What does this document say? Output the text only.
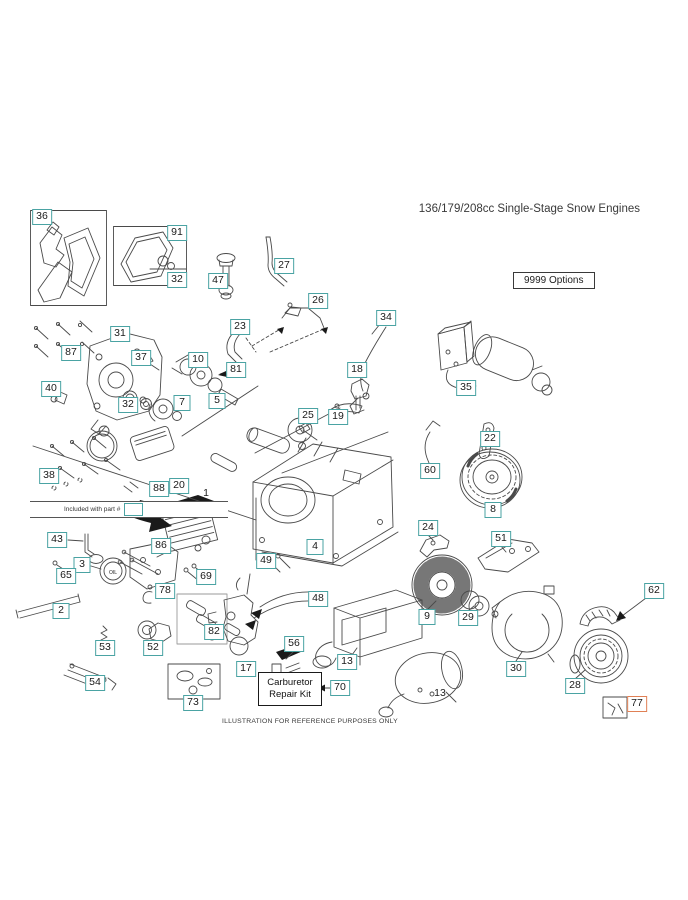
136/179/208cc Single-Stage Snow Engines
9999 Options
OIL
Included with part #
Carburetor Repair Kit
ILLUSTRATION FOR REFERENCE PURPOSES ONLY
36
91
32	47
27
26
23
34
31
87	37	10
81	18
40
32	7	5
25	19
35
22
60
8
38
88 20
24
51
43	86	4
49
3
65	69
78
2
48
62
9	29
82
53	52	56
13
17	30
54	28
70
73	77
1
13
